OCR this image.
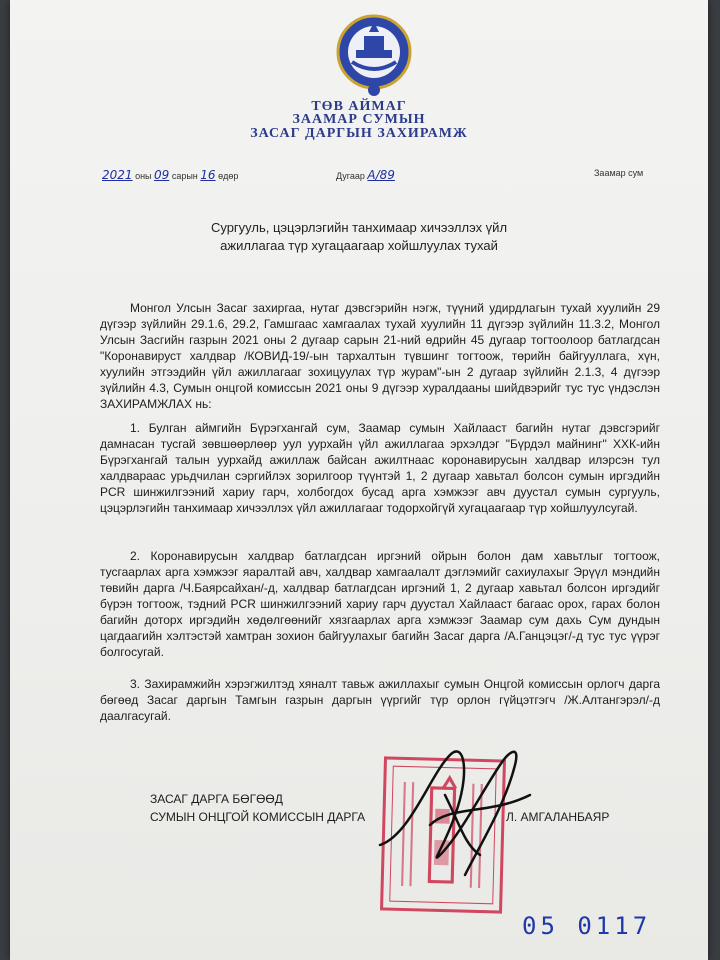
ТӨВ АЙМАГ
ЗААМАР СУМЫН
ЗАСАГ ДАРГЫН ЗАХИРАМЖ
2021 оны 09 сарын 16 өдөр	Дугаар А/89	Заамар сум
Сургууль, цэцэрлэгийн танхимаар хичээллэх үйл
ажиллагаа түр хугацаагаар хойшлуулах тухай
Монгол Улсын Засаг захиргаа, нутаг дэвсгэрийн нэгж, түүний удирдлагын тухай хуулийн 29 дүгээр зүйлийн 29.1.6, 29.2, Гамшгаас хамгаалах тухай хуулийн 11 дүгээр зүйлийн 11.3.2, Монгол Улсын Засгийн газрын 2021 оны 2 дугаар сарын 21-ний өдрийн 45 дугаар тогтоолоор батлагдсан "Коронавируст халдвар /КОВИД-19/-ын тархалтын түвшинг тогтоож, төрийн байгууллага, хүн, хуулийн этгээдийн үйл ажиллагааг зохицуулах түр журам"-ын 2 дугаар зүйлийн 2.1.3, 4 дүгээр зүйлийн 4.3, Сумын онцгой комиссын 2021 оны 9 дүгээр хуралдааны шийдвэрийг тус тус үндэслэн ЗАХИРАМЖЛАХ нь:
1. Булган аймгийн Бүрэгхангай сум, Заамар сумын Хайлааст багийн нутаг дэвсгэрийг дамнасан тусгай зөвшөөрлөөр уул уурхайн үйл ажиллагаа эрхэлдэг "Бүрдэл майнинг" ХХК-ийн Бүрэгхангай талын уурхайд ажиллаж байсан ажилтнаас коронавирусын халдвар илэрсэн тул халдвараас урьдчилан сэргийлэх зорилгоор түүнтэй 1, 2 дугаар хавьтал болсон сумын иргэдийн PCR шинжилгээний хариу гарч, холбогдох бусад арга хэмжээг авч дуустал сумын сургууль, цэцэрлэгийн танхимаар хичээллэх үйл ажиллагааг тодорхойгүй хугацаагаар түр хойшлуулсугай.
2. Коронавирусын халдвар батлагдсан иргэний ойрын болон дам хавьтлыг тогтоож, тусгаарлах арга хэмжээг яаралтай авч, халдвар хамгаалалт дэглэмийг сахиулахыг Эрүүл мэндийн төвийн дарга /Ч.Баярсайхан/-д, халдвар батлагдсан иргэний 1, 2 дугаар хавьтал болсон иргэдийг бүрэн тогтоож, тэдний PCR шинжилгээний хариу гарч дуустал Хайлааст багаас орох, гарах болон багийн доторх иргэдийн хөдөлгөөнийг хязгаарлах арга хэмжээг Заамар сум дахь Сум дундын цагдаагийн хэлтэстэй хамтран зохион байгуулахыг багийн Засаг дарга /А.Ганцэцэг/-д тус тус үүрэг болгосугай.
3. Захирамжийн хэрэгжилтэд хяналт тавьж ажиллахыг сумын Онцгой комиссын орлогч дарга бөгөөд Засаг даргын Тамгын газрын даргын үүргийг түр орлон гүйцэтгэгч /Ж.Алтангэрэл/-д даалгасугай.
ЗАСАГ ДАРГА БӨГӨӨД
СУМЫН ОНЦГОЙ КОМИССЫН ДАРГА	Л. АМГАЛАНБАЯР
05 0117
